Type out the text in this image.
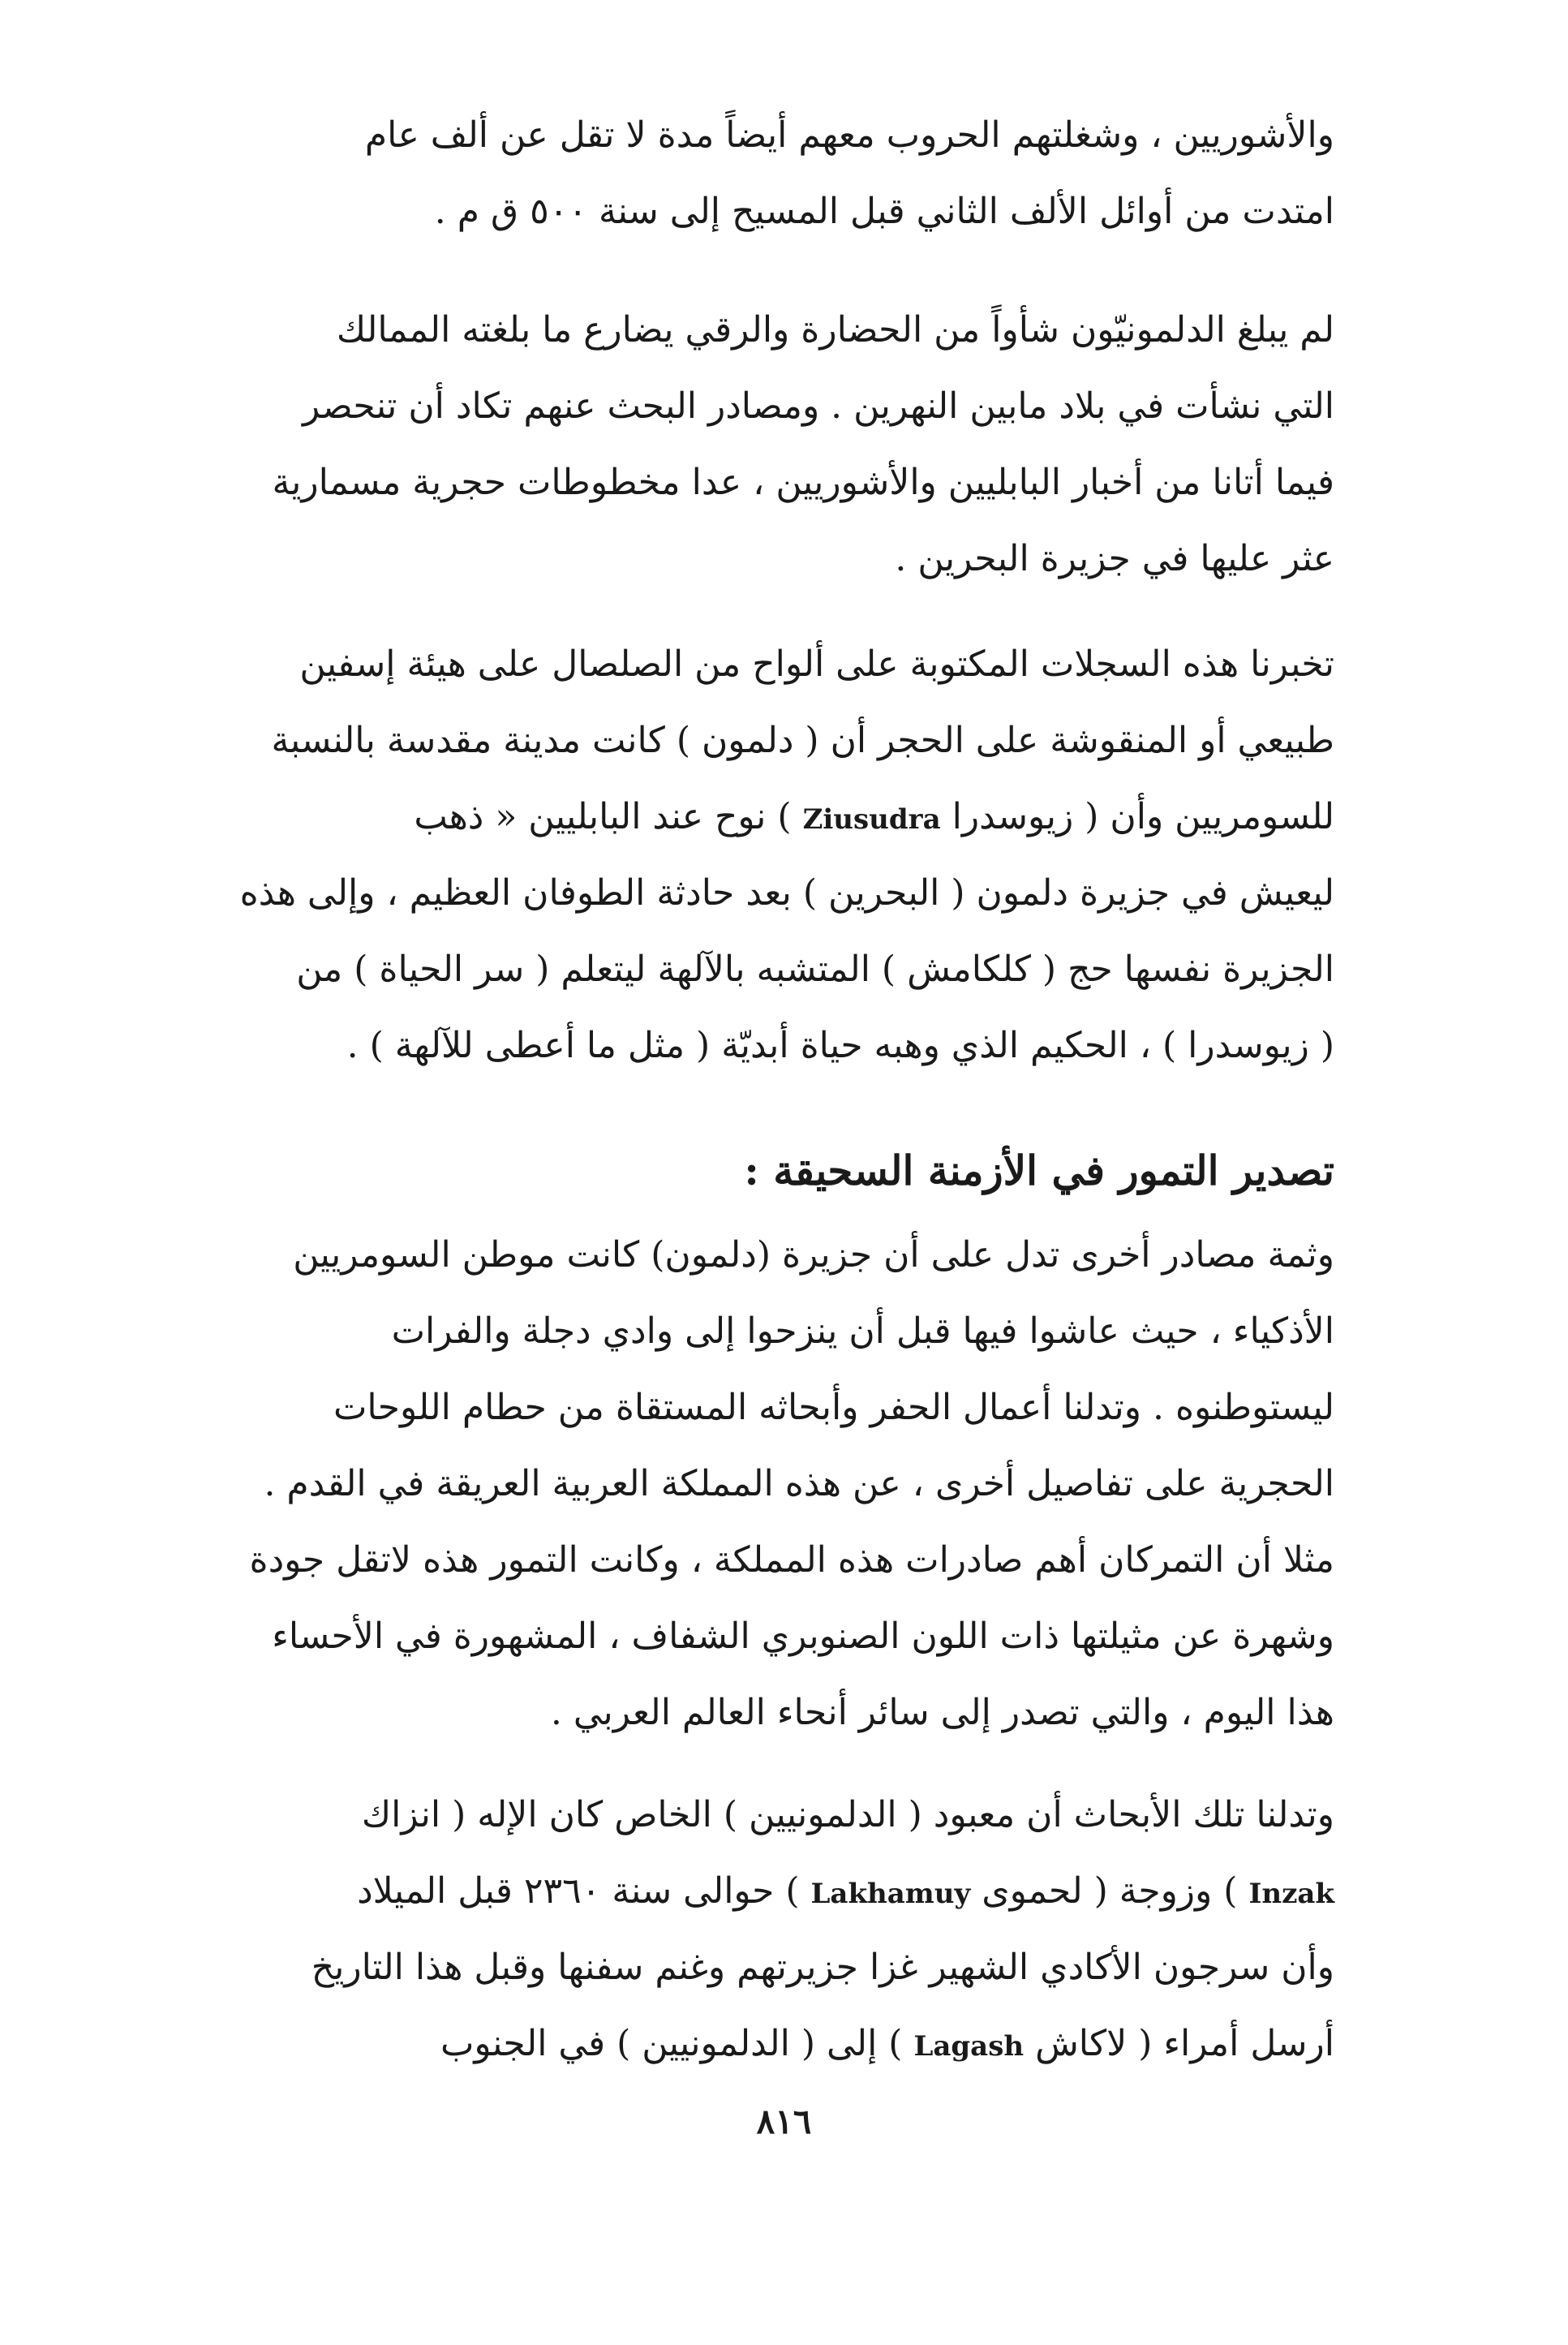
والأشوريين ، وشغلتهم الحروب معهم أيضاً مدة لا تقل عن ألف عام
امتدت من أوائل الألف الثاني قبل المسيح إلى سنة ٥٠٠ ق م .
لم يبلغ الدلمونيّون شأواً من الحضارة والرقي يضارع ما بلغته الممالك
التي نشأت في بلاد مابين النهرين . ومصادر البحث عنهم تكاد أن تنحصر
فيما أتانا من أخبار البابليين والأشوريين ، عدا مخطوطات حجرية مسمارية
عثر عليها في جزيرة البحرين .
تخبرنا هذه السجلات المكتوبة على ألواح من الصلصال على هيئة إسفين
طبيعي أو المنقوشة على الحجر أن ( دلمون ) كانت مدينة مقدسة بالنسبة
للسومريين وأن ( زيوسدرا Ziusudra ) نوح عند البابليين « ذهب
ليعيش في جزيرة دلمون ( البحرين ) بعد حادثة الطوفان العظيم ، وإلى هذه
الجزيرة نفسها حج ( كلكامش ) المتشبه بالآلهة ليتعلم ( سر الحياة ) من
( زيوسدرا ) ، الحكيم الذي وهبه حياة أبديّة ( مثل ما أعطى للآلهة ) .
تصدير التمور في الأزمنة السحيقة :
وثمة مصادر أخرى تدل على أن جزيرة (دلمون) كانت موطن السومريين
الأذكياء ، حيث عاشوا فيها قبل أن ينزحوا إلى وادي دجلة والفرات
ليستوطنوه . وتدلنا أعمال الحفر وأبحاثه المستقاة من حطام اللوحات
الحجرية على تفاصيل أخرى ، عن هذه المملكة العربية العريقة في القدم .
مثلا أن التمركان أهم صادرات هذه المملكة ، وكانت التمور هذه لاتقل جودة
وشهرة عن مثيلتها ذات اللون الصنوبري الشفاف ، المشهورة في الأحساء
هذا اليوم ، والتي تصدر إلى سائر أنحاء العالم العربي .
وتدلنا تلك الأبحاث أن معبود ( الدلمونيين ) الخاص كان الإله ( انزاك
Inzak ) وزوجة ( لحموى Lakhamuy ) حوالى سنة ٢٣٦٠ قبل الميلاد
وأن سرجون الأكادي الشهير غزا جزيرتهم وغنم سفنها وقبل هذا التاريخ
أرسل أمراء ( لاكاش Lagash ) إلى ( الدلمونيين ) في الجنوب
٨١٦
